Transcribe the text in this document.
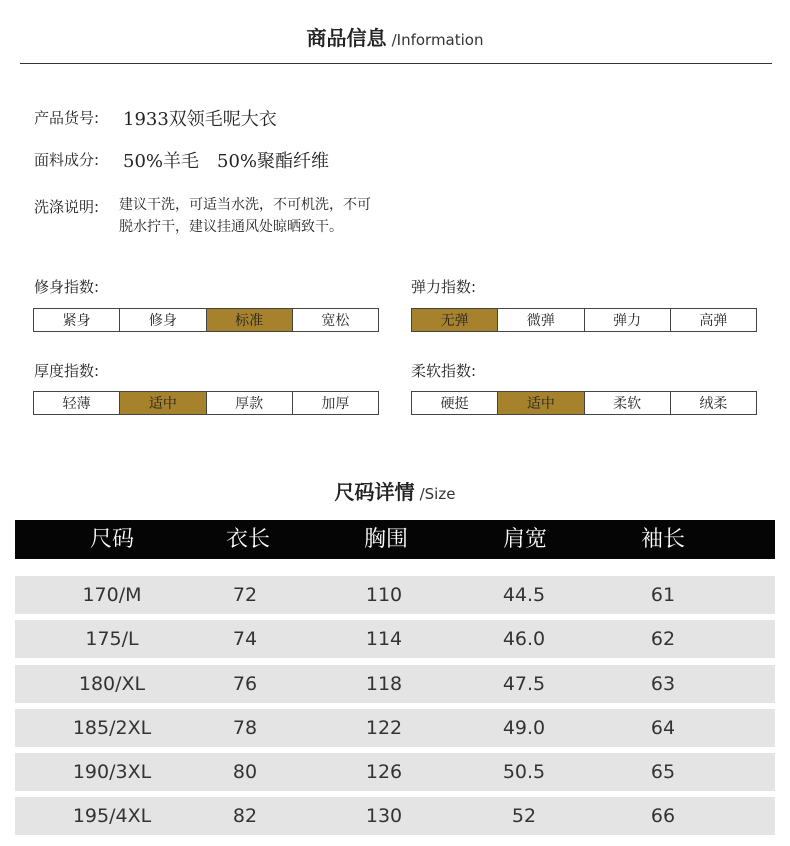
商品信息 /Information
产品货号: 1933双领毛呢大衣
面料成分: 50%羊毛　50%聚酯纤维
洗涤说明: 建议干洗，可适当水洗，不可机洗，不可脱水拧干，建议挂通风处晾晒致干。
修身指数:
紧身	修身	标准	宽松
弹力指数:
无弹	微弹	弹力	高弹
厚度指数:
轻薄	适中	厚款	加厚
柔软指数:
硬挺	适中	柔软	绒柔
尺码详情 /Size
尺码	衣长	胸围	肩宽	袖长
170/M	72	110	44.5	61
175/L	74	114	46.0	62
180/XL	76	118	47.5	63
185/2XL	78	122	49.0	64
190/3XL	80	126	50.5	65
195/4XL	82	130	52	66
